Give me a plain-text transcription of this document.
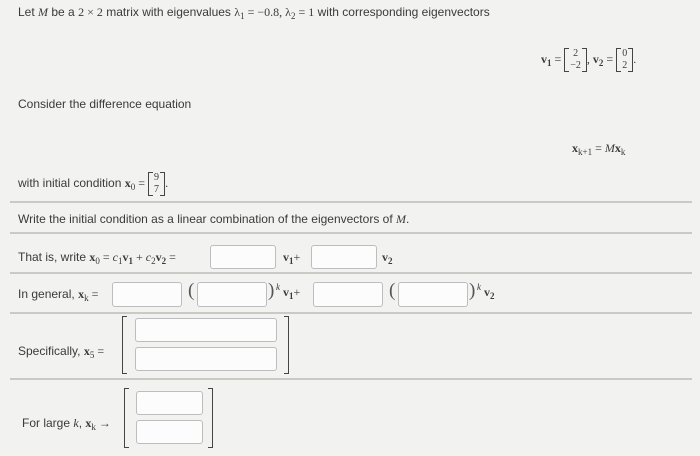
Let M be a 2 × 2 matrix with eigenvalues $\lambda_1 = -0.8$, $\lambda_2 = 1$ with corresponding eigenvectors
$v_1 = 2$
−2 , $v_2 = 0$
2 .
Consider the difference equation
$x_{k+1} = Mx_k$
with initial condition $x_0 = 9$
7 .
Write the initial condition as a linear combination of the eigenvectors of M.
That is, write $x_0 = c_1v_1 + c_2v_2$ =	$v_1+$	$v_2$
In general, $x_k$ =	(	) $^k$ $v_1+$	(	) $^k$ $v_2$
Specifically, $x_5$ =
For large k, $x_k$ →
